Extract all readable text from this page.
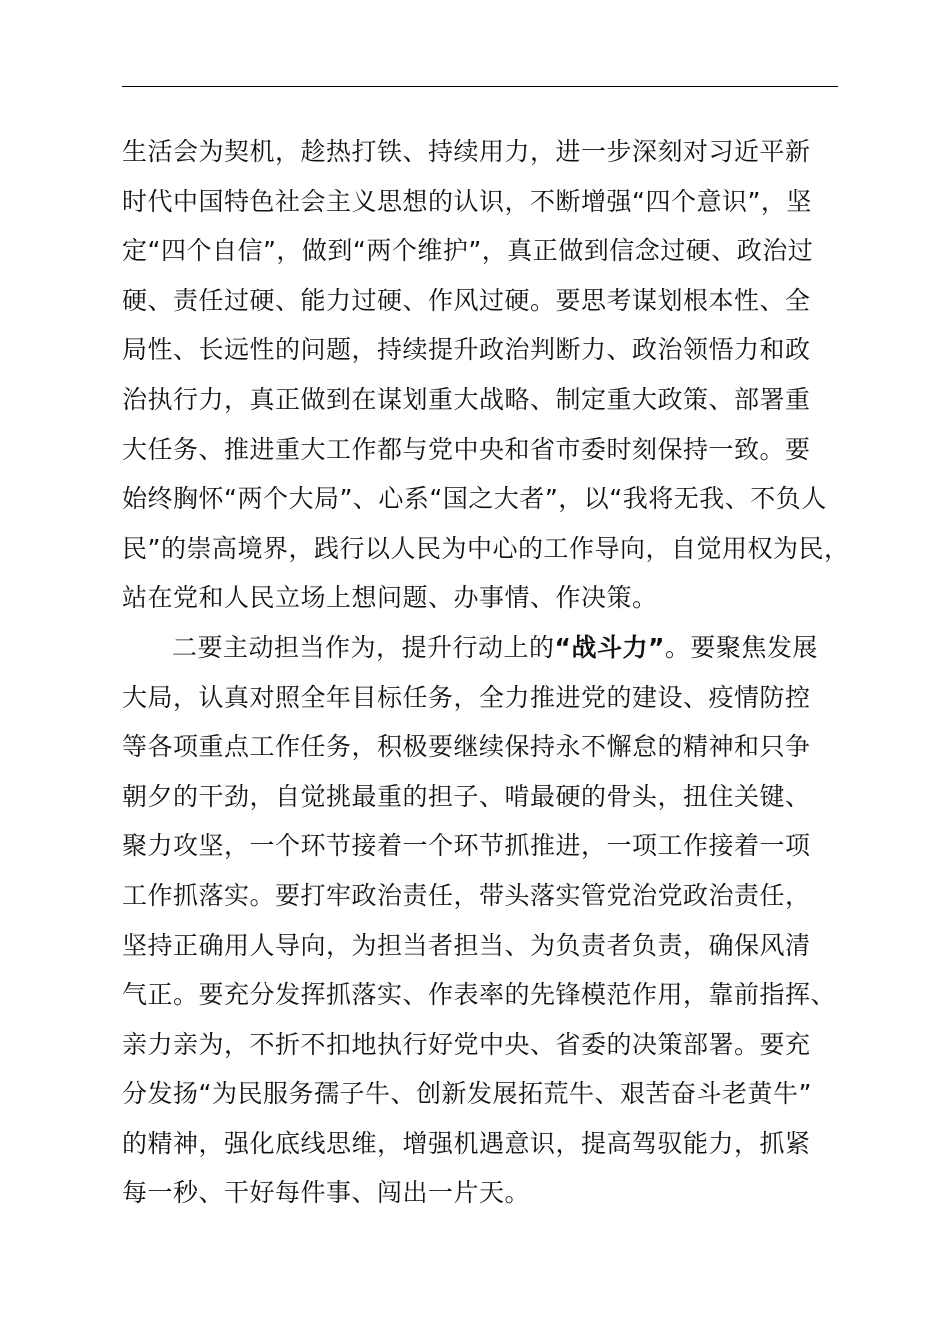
生活会为契机，趁热打铁、持续用力，进一步深刻对习近平新
时代中国特色社会主义思想的认识，不断增强“四个意识”，坚
定“四个自信”，做到“两个维护”，真正做到信念过硬、政治过
硬、责任过硬、能力过硬、作风过硬。要思考谋划根本性、全
局性、长远性的问题，持续提升政治判断力、政治领悟力和政
治执行力，真正做到在谋划重大战略、制定重大政策、部署重
大任务、推进重大工作都与党中央和省市委时刻保持一致。要
始终胸怀“两个大局”、心系“国之大者”，以“我将无我、不负人
民”的崇高境界，践行以人民为中心的工作导向，自觉用权为民，
站在党和人民立场上想问题、办事情、作决策。
二要主动担当作为，提升行动上的“战斗力”。要聚焦发展
大局，认真对照全年目标任务，全力推进党的建设、疫情防控
等各项重点工作任务，积极要继续保持永不懈怠的精神和只争
朝夕的干劲，自觉挑最重的担子、啃最硬的骨头，扭住关键、
聚力攻坚，一个环节接着一个环节抓推进，一项工作接着一项
工作抓落实。要打牢政治责任，带头落实管党治党政治责任，
坚持正确用人导向，为担当者担当、为负责者负责，确保风清
气正。要充分发挥抓落实、作表率的先锋模范作用，靠前指挥、
亲力亲为，不折不扣地执行好党中央、省委的决策部署。要充
分发扬“为民服务孺子牛、创新发展拓荒牛、艰苦奋斗老黄牛”
的精神，强化底线思维，增强机遇意识，提高驾驭能力，抓紧
每一秒、干好每件事、闯出一片天。
